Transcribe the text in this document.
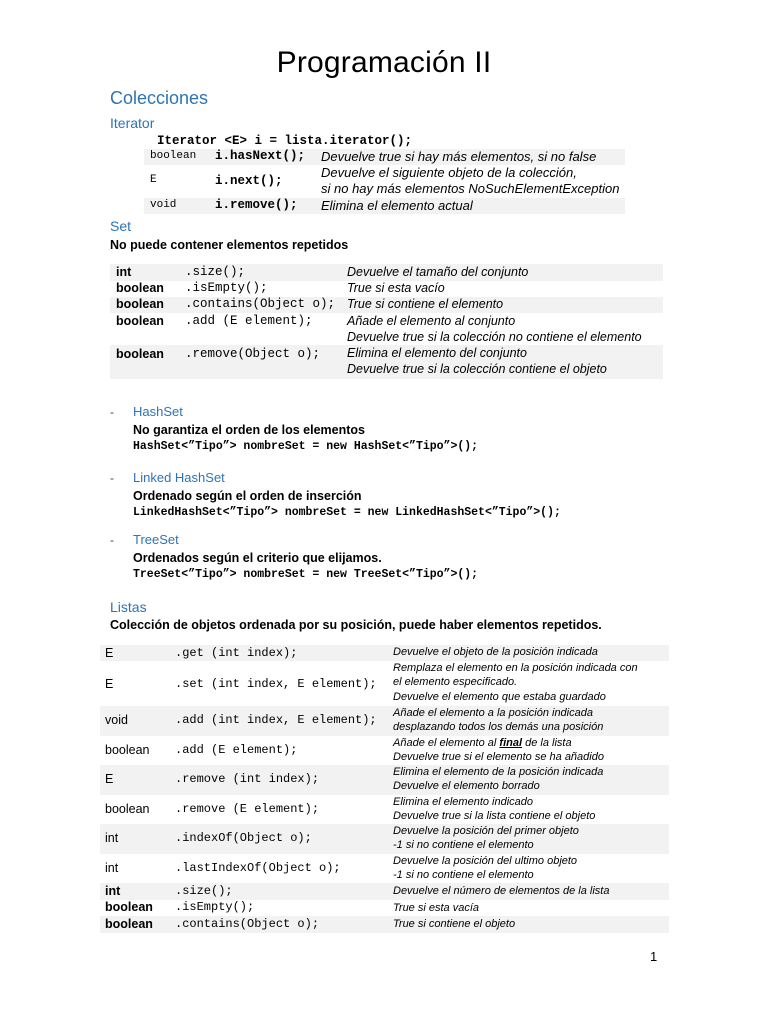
Programación II
Colecciones
Iterator
Iterator <E> i = lista.iterator();
boolean i.hasNext(); Devuelve true si hay más elementos, si no false
E	i.next();
Devuelve el siguiente objeto de la colección,
si no hay más elementos NoSuchElementException
void	i.remove(); Elimina el elemento actual
Set
No puede contener elementos repetidos
int	.size();	Devuelve el tamaño del conjunto
boolean .isEmpty();	True si esta vacío
boolean .contains(Object o); True si contiene el elemento
boolean .add (E element);	Añade el elemento al conjunto
Devuelve true si la colección no contiene el elemento
boolean .remove(Object o); Elimina el elemento del conjunto
Devuelve true si la colección contiene el objeto
- HashSet
No garantiza el orden de los elementos
HashSet<”Tipo”> nombreSet = new HashSet<”Tipo”>();
- Linked HashSet
Ordenado según el orden de inserción
LinkedHashSet<”Tipo”> nombreSet = new LinkedHashSet<”Tipo”>();
- TreeSet
Ordenados según el criterio que elijamos.
TreeSet<”Tipo”> nombreSet = new TreeSet<”Tipo”>();
Listas
Colección de objetos ordenada por su posición, puede haber elementos repetidos.
E	.get (int index);	Devuelve el objeto de la posición indicada
E	.set (int index, E element);
Remplaza el elemento en la posición indicada con
el elemento especificado.
Devuelve el elemento que estaba guardado
void	.add (int index, E element); Añade el elemento a la posición indicada
desplazando todos los demás una posición
boolean .add (E element);	Añade el elemento al final de la lista
Devuelve true si el elemento se ha añadido
E	.remove (int index);	Elimina el elemento de la posición indicada
Devuelve el elemento borrado
boolean .remove (E element);	Elimina el elemento indicado
Devuelve true si la lista contiene el objeto
int	.indexOf(Object o);	Devuelve la posición del primer objeto
-1 si no contiene el elemento
int	.lastIndexOf(Object o);	Devuelve la posición del ultimo objeto
-1 si no contiene el elemento
int	.size();	Devuelve el número de elementos de la lista
boolean .isEmpty();	True si esta vacía
boolean .contains(Object o);	True si contiene el objeto
1
